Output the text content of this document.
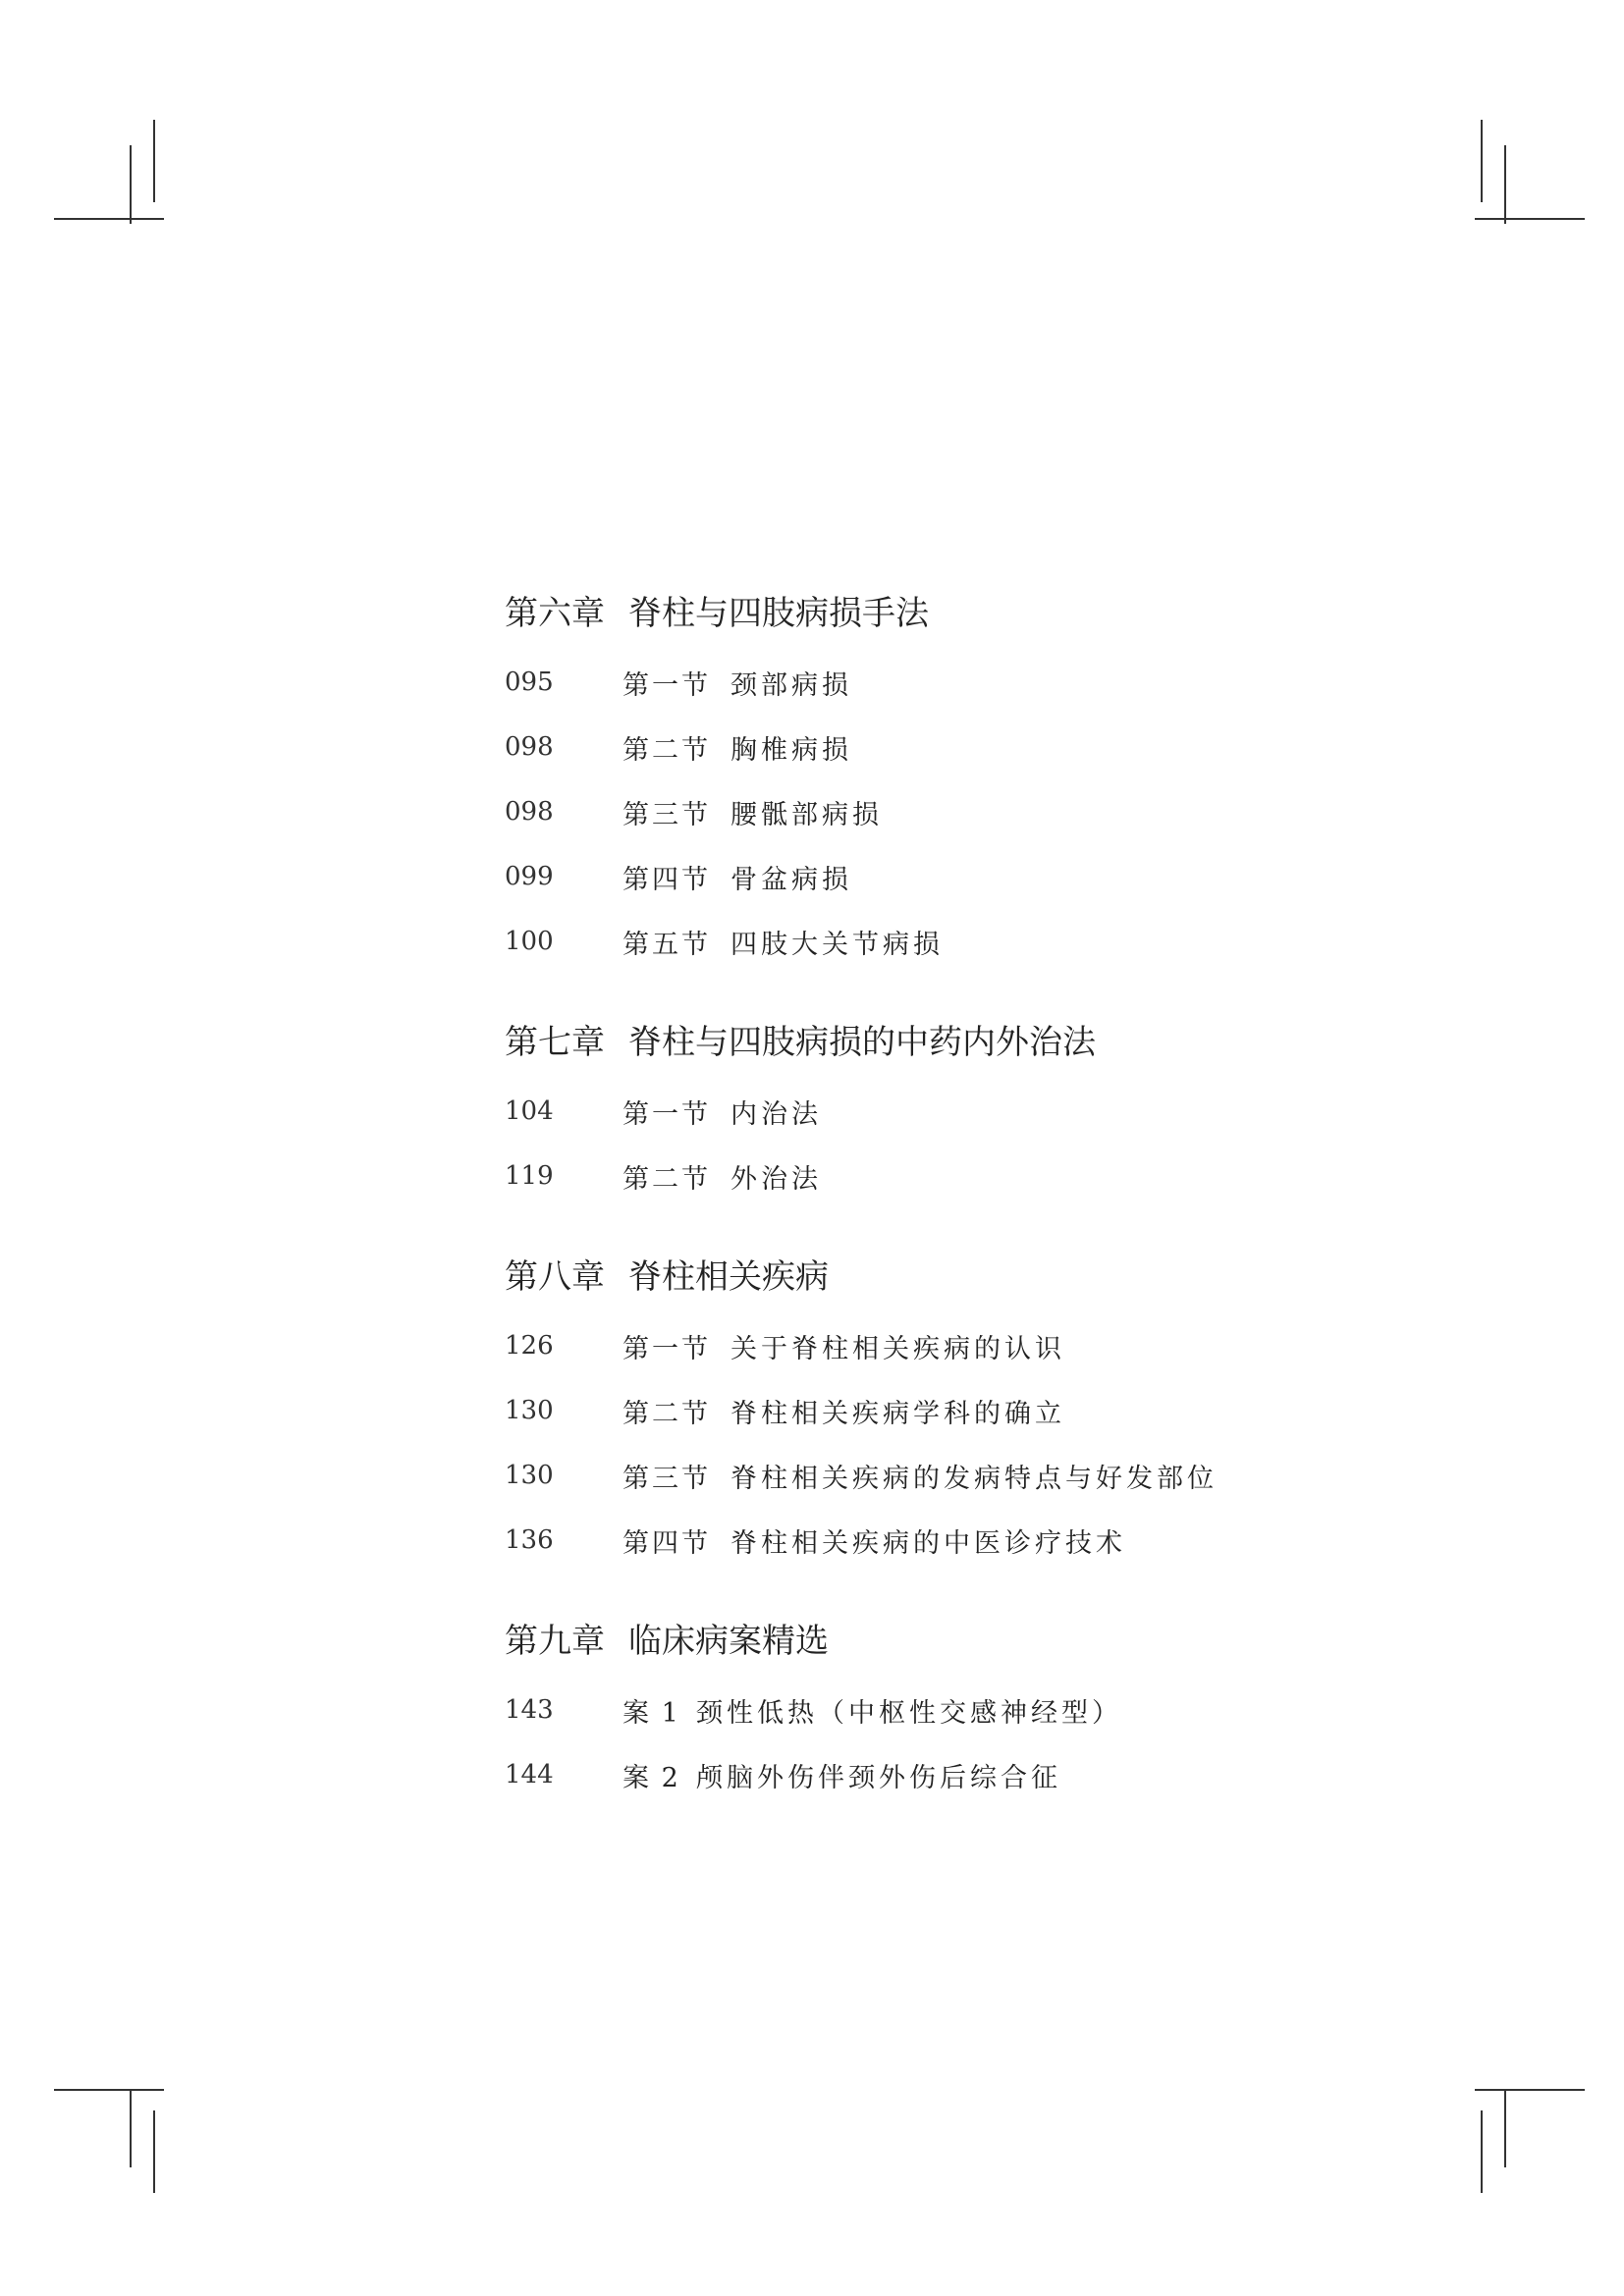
第六章 脊柱与四肢病损手法
095	第一节 颈部病损
098	第二节 胸椎病损
098	第三节 腰骶部病损
099	第四节 骨盆病损
100	第五节 四肢大关节病损
第七章 脊柱与四肢病损的中药内外治法
104	第一节 内治法
119	第二节 外治法
第八章 脊柱相关疾病
126	第一节 关于脊柱相关疾病的认识
130	第二节 脊柱相关疾病学科的确立
130	第三节 脊柱相关疾病的发病特点与好发部位
136	第四节 脊柱相关疾病的中医诊疗技术
第九章 临床病案精选
143	案 1 颈性低热（中枢性交感神经型）
144	案 2 颅脑外伤伴颈外伤后综合征
